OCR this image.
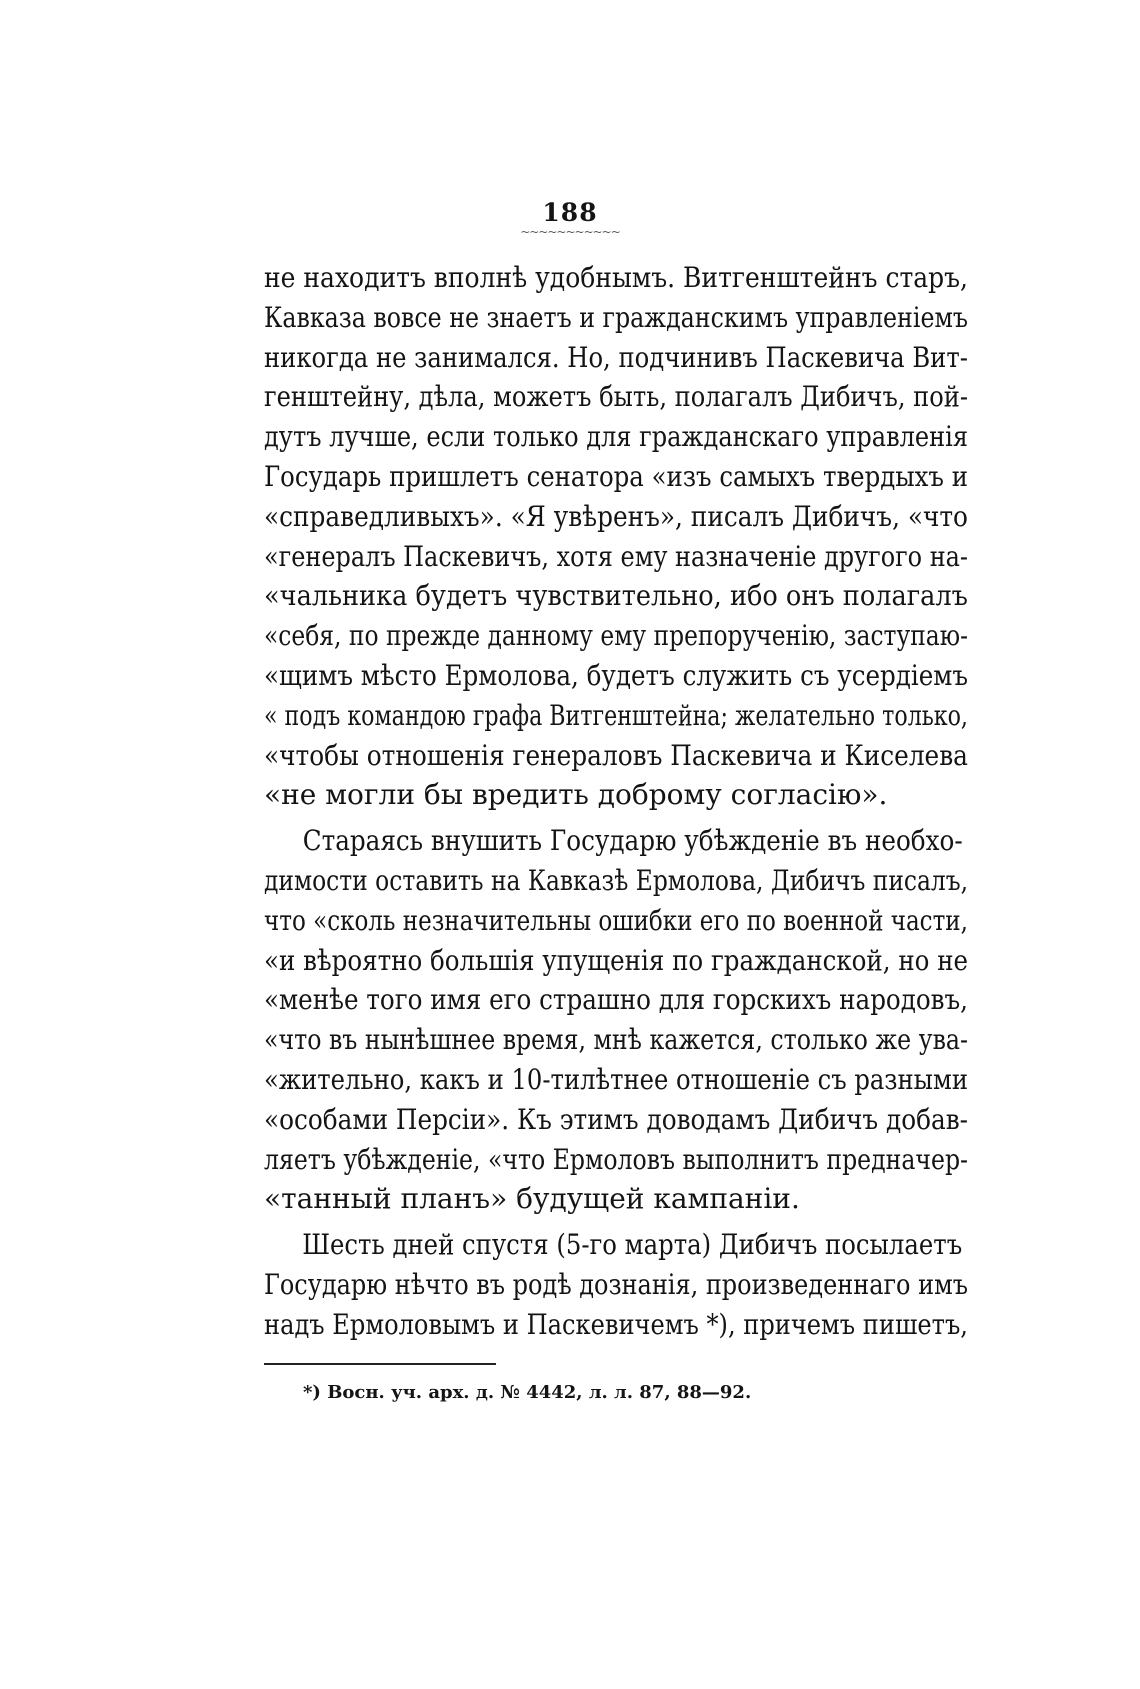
188
~~~~~~~~~~~
не находитъ вполнѣ удобнымъ. Витгенштейнъ старъ,
Кавказа вовсе не знаетъ и гражданскимъ управленіемъ
никогда не занимался. Но, подчинивъ Паскевича Вит-
генштейну, дѣла, можетъ быть, полагалъ Дибичъ, пой-
дутъ лучше, если только для гражданскаго управленія
Государь пришлетъ сенатора «изъ самыхъ твердыхъ и
«справедливыхъ». «Я увѣренъ», писалъ Дибичъ, «что
«генералъ Паскевичъ, хотя ему назначеніе другого на-
«чальника будетъ чувствительно, ибо онъ полагалъ
«себя, по прежде данному ему препорученію, заступаю-
«щимъ мѣсто Ермолова, будетъ служить съ усердіемъ
« подъ командою графа Витгенштейна; желательно только,
«чтобы отношенія генераловъ Паскевича и Киселева
«не могли бы вредить доброму согласію».
Стараясь внушить Государю убѣжденіе въ необхо-
димости оставить на Кавказѣ Ермолова, Дибичъ писалъ,
что «сколь незначительны ошибки его по военной части,
«и вѣроятно большія упущенія по гражданской, но не
«менѣе того имя его страшно для горскихъ народовъ,
«что въ нынѣшнее время, мнѣ кажется, столько же ува-
«жительно, какъ и 10-тилѣтнее отношеніе съ разными
«особами Персіи». Къ этимъ доводамъ Дибичъ добав-
ляетъ убѣжденіе, «что Ермоловъ выполнитъ предначер-
«танный планъ» будущей кампаніи.
Шесть дней спустя (5-го марта) Дибичъ посылаетъ
Государю нѣчто въ родѣ дознанія, произведеннаго имъ
надъ Ермоловымъ и Паскевичемъ *), причемъ пишетъ,
*) Восн. уч. арх. д. № 4442, л. л. 87, 88—92.
